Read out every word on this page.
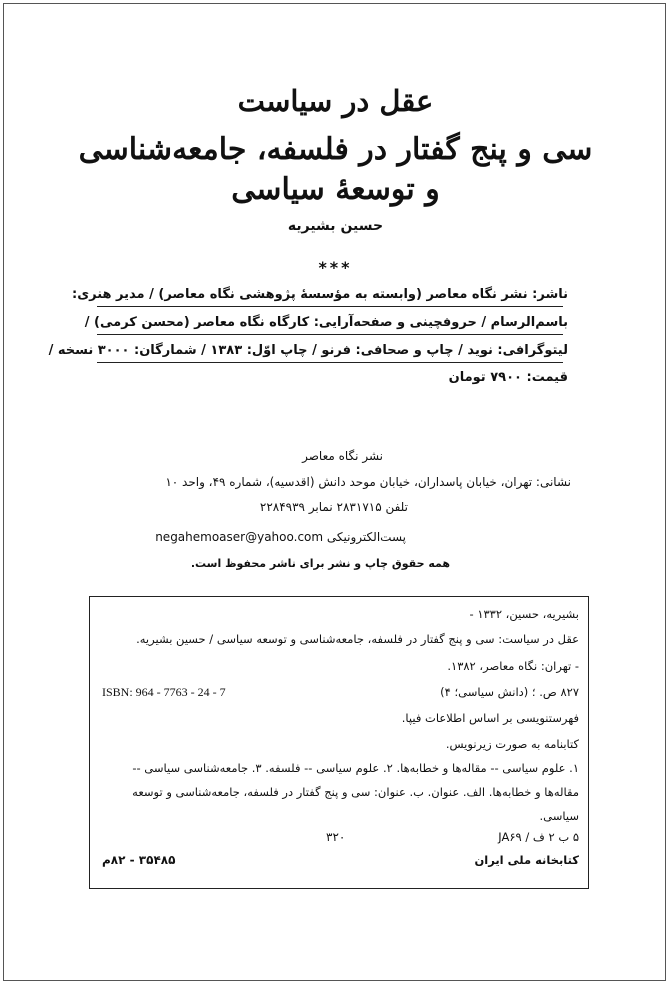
عقل در سیاست
سی و پنج گفتار در فلسفه، جامعه‌شناسی
و توسعهٔ سیاسی
حسین بشیریه
***
ناشر: نشر نگاه معاصر (وابسته به مؤسسهٔ پژوهشی نگاه معاصر) / مدیر هنری:
باسم‌الرسام / حروفچینی و صفحه‌آرایی: کارگاه نگاه معاصر (محسن کرمی) /
لیتوگرافی: نوید / چاپ و صحافی: فرنو / چاپ اوّل: ۱۳۸۳ / شمارگان: ۳۰۰۰ نسخه /
قیمت: ۷۹۰۰ تومان
نشر نگاه معاصر
نشانی: تهران، خیابان پاسداران، خیابان موحد دانش (اقدسیه)، شماره ۴۹، واحد ۱۰
تلفن ۲۸۳۱۷۱۵ نمابر ۲۲۸۴۹۳۹
پست‌الکترونیکی negahemoaser@yahoo.com
همه حقوق چاپ و نشر برای ناشر محفوظ است.
بشیریه، حسین، ۱۳۳۲ -
عقل در سیاست: سی و پنج گفتار در فلسفه، جامعه‌شناسی و توسعه سیاسی / حسین بشیریه.
- تهران: نگاه معاصر، ۱۳۸۲.
۸۲۷ ص. ؛ (دانش سیاسی؛ ۴)
ISBN: 964 - 7763 - 24 - 7
فهرستنویسی بر اساس اطلاعات فیپا.
کتابنامه به صورت زیرنویس.
۱. علوم سیاسی -- مقاله‌ها و خطابه‌ها. ۲. علوم سیاسی -- فلسفه. ۳. جامعه‌شناسی سیاسی --
مقاله‌ها و خطابه‌ها. الف. عنوان. ب. عنوان: سی و پنج گفتار در فلسفه، جامعه‌شناسی و توسعه
سیاسی.
۵ ب ۲ ف / JA۶۹
۳۲۰
کتابخانه ملی ایران
۳۵۴۸۵ - ۸۲م
